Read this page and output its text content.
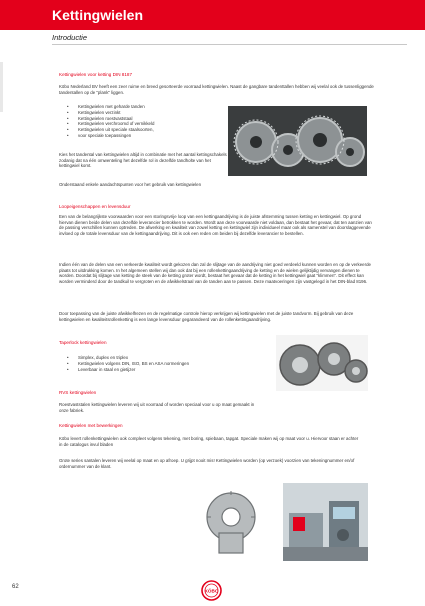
Kettingwielen
Introductie
Kettingwielen voor ketting DIN 8187

Köbo Nederland BV heeft een zeer ruime en breed gesorteerde voorraad kettingwielen. Naast de gangbare tandenttallen hebben wij veelal ook de tussenliggende tandentallen op de "plank" liggen.

• Kettingwielen met geharde tanden
• Kettingwielen verzinkt
• Kettingwielen roestvaststaal
• Kettingwielen verchroomd of vernikkeld
• Kettingwielen uit speciale staalsoorten,
• voor speciale toepassingen

Kies het tandental van kettingwielen altijd in combinatie met het aantal kettingschakels zodanig dat na één omwenteling het dezelfde rol in dezelfde tandholte van het kettingwiel komt.

Onderstaand enkele aandachtspunten voor het gebruik van kettingwielen

Loopeigenschappen en levensduur

Een van de belangrijkste voorwaarden voor een storingsvrije loop van een kettingaandrijving is de juiste afstemming tussen ketting en kettingwiel. Op grond hiervan dienen beide delen van dezelfde leverancier betrokken te worden. Wordt aan deze voorwaarde niet voldaan, dan bestaat het gevaar, dat ten aanzien van de passing verschillen kunnen optreden. De afwerking en kwaliteit van zowel ketting en kettingwiel zijn individueel maar ook als samenstel van doorslaggevende invloed op de totale levensduur van de kettingaandrijving. Dit is ook een reden om beiden bij dezelfde leverancier te bestellen.

Indien één van de delen van een verkeerde kwaliteit wordt gekozen dan zal de slijtage van de aandrijving niet goed verdeeld kunnen worden en op de verkeerde plaats tot uitdrukking komen. In het algemeen stellen wij dan ook dat bij een rollenkettingaandrijving de ketting en de wielen gelijktijdig vervangen dienen te worden. Doordat bij slijtage van ketting de steek van de ketting groter wordt, bestaat het gevaar dat de ketting in het kettingwiel gaat "klimmen". Dit effect kan worden verminderd door de tandkuil te vergroten en de afwikkelstraal van de tanden aan te passen. Deze maatvoeringen zijn vastgelegd in het DIN-blad 8196.

Door toepassing van de juiste afwikkelfrezen en de regelmatige controle hierop verkrijgen wij kettingwielen met de juiste tandvorm. Bij gebruik van deze kettingwielen en kwaliteitsrollenketting is een lange levensduur gegarandeerd van de rollenkettingaandrijving.

Taperlock kettingwielen
• Simplex, duplex en triplex
• Kettingwielen volgens DIN, ISO, BS en ASA normeringen
• Leverbaar in staal en gietijzer
RVS kettingwielen

Roestvaststalen kettingwielen leveren wij uit voorraad of worden speciaal voor u op maat gemaakt in onze fabriek.

Kettingwielen met bewerkingen

Köbo levert rollenkettingwielen ook compleet volgens tekening, met boring, spiebaan, tapgat. Speciale maken wij op maat voor u. Hiervoor staan er achter in de catalogus invul bladen

Grote series santalen leveren wij veelal op maat en op afroep. U grijpt nooit mis! Kettingwielen worden (op verzoek) voorzien van tekeningnummer en/of ordernummer van de klant.

62
KÖBO
